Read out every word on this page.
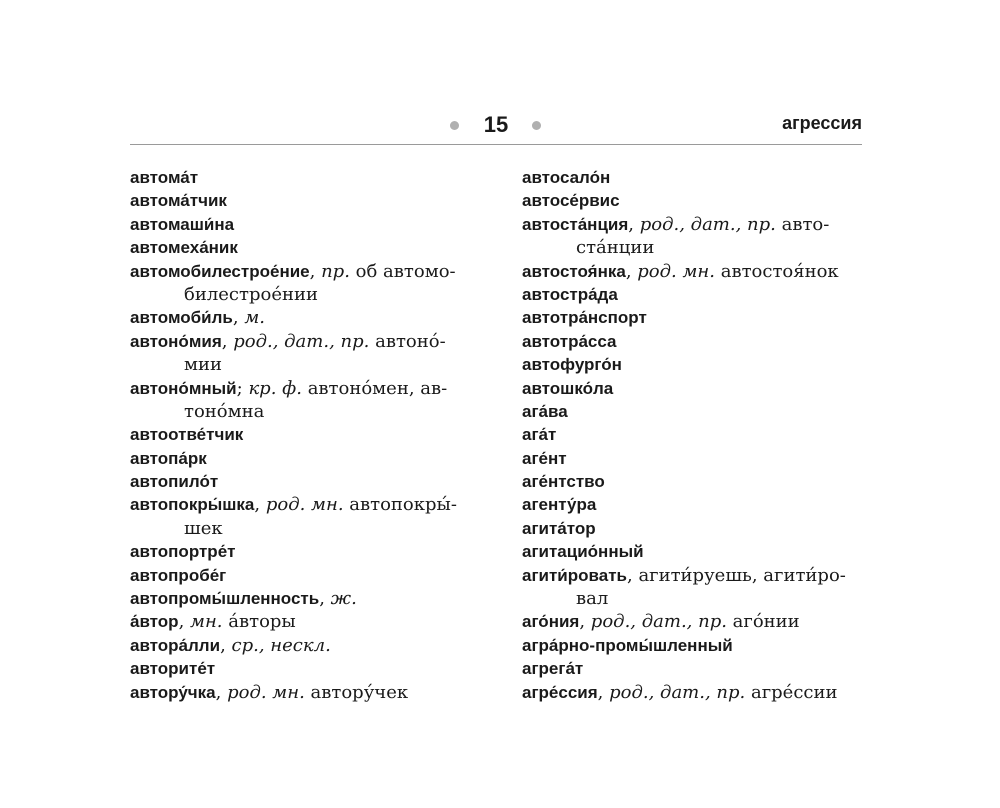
15	агрессия
автома́т
автома́тчик
автомаши́на
автомеха́ник
автомобилестрое́ние, пр. об автомо-
билестрое́нии
автомоби́ль, м.
автоно́мия, род., дат., пр. автоно́-
мии
автоно́мный; кр. ф. автоно́мен, ав-
тоно́мна
автоотве́тчик
автопа́рк
автопило́т
автопокры́шка, род. мн. автопокры́-
шек
автопортре́т
автопробе́г
автопромы́шленность, ж.
а́втор, мн. а́вторы
автора́лли, ср., нескл.
авторите́т
автору́чка, род. мн. автору́чек
автосало́н
автосе́рвис
автоста́нция, род., дат., пр. авто-
ста́нции
автостоя́нка, род. мн. автостоя́нок
автостра́да
автотра́нспорт
автотра́сса
автофурго́н
автошко́ла
ага́ва
ага́т
аге́нт
аге́нтство
агенту́ра
агита́тор
агитацио́нный
агити́ровать, агити́руешь, агити́ро-
вал
аго́ния, род., дат., пр. аго́нии
агра́рно-промы́шленный
агрега́т
агре́ссия, род., дат., пр. агре́ссии
